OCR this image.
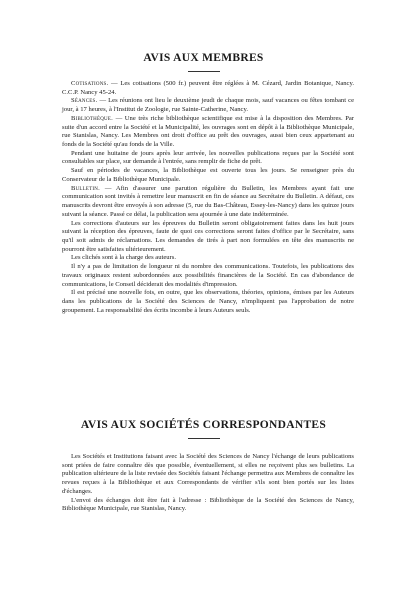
AVIS AUX MEMBRES

Cotisations. — Les cotisations (500 fr.) peuvent être réglées à M. Cézard, Jardin Botanique, Nancy. C.C.P. Nancy 45-24.

Séances. — Les réunions ont lieu le deuxième jeudi de chaque mois, sauf vacances ou fêtes tombant ce jour, à 17 heures, à l'Institut de Zoologie, rue Sainte-Catherine, Nancy.

Bibliothèque. — Une très riche bibliothèque scientifique est mise à la disposition des Membres. Par suite d'un accord entre la Société et la Municipalité, les ouvrages sont en dépôt à la Bibliothèque Municipale, rue Stanislas, Nancy. Les Membres ont droit d'office au prêt des ouvrages, aussi bien ceux appartenant au fonds de la Société qu'au fonds de la Ville.

Pendant une huitaine de jours après leur arrivée, les nouvelles publications reçues par la Société sont consultables sur place, sur demande à l'entrée, sans remplir de fiche de prêt.

Sauf en périodes de vacances, la Bibliothèque est ouverte tous les jours. Se renseigner près du Conservateur de la Bibliothèque Municipale.

Bulletin. — Afin d'assurer une parution régulière du Bulletin, les Membres ayant fait une communication sont invités à remettre leur manuscrit en fin de séance au Secrétaire du Bulletin. A défaut, ces manuscrits devront être envoyés à son adresse (5, rue du Bas-Château, Essey-les-Nancy) dans les quinze jours suivant la séance. Passé ce délai, la publication sera ajournée à une date indéterminée.

Les corrections d'auteurs sur les épreuves du Bulletin seront obligatoirement faites dans les huit jours suivant la réception des épreuves, faute de quoi ces corrections seront faites d'office par le Secrétaire, sans qu'il soit admis de réclamations. Les demandes de tirés à part non formulées en tête des manuscrits ne pourront être satisfaites ultérieurement.

Les clichés sont à la charge des auteurs.

Il n'y a pas de limitation de longueur ni du nombre des communications. Toutefois, les publications des travaux originaux restent subordonnées aux possibilités financières de la Société. En cas d'abondance de communications, le Conseil déciderait des modalités d'impression.

Il est précisé une nouvelle fois, en outre, que les observations, théories, opinions, émises par les Auteurs dans les publications de la Société des Sciences de Nancy, n'impliquent pas l'approbation de notre groupement. La responsabilité des écrits incombe à leurs Auteurs seuls.

AVIS AUX SOCIÉTÉS CORRESPONDANTES

Les Sociétés et Institutions faisant avec la Société des Sciences de Nancy l'échange de leurs publications sont priées de faire connaître dès que possible, éventuellement, si elles ne reçoivent plus ses bulletins. La publication ultérieure de la liste revisée des Sociétés faisant l'échange permettra aux Membres de connaître les revues reçues à la Bibliothèque et aux Correspondants de vérifier s'ils sont bien portés sur les listes d'échanges.

L'envoi des échanges doit être fait à l'adresse : Bibliothèque de la Société des Sciences de Nancy, Bibliothèque Municipale, rue Stanislas, Nancy.
